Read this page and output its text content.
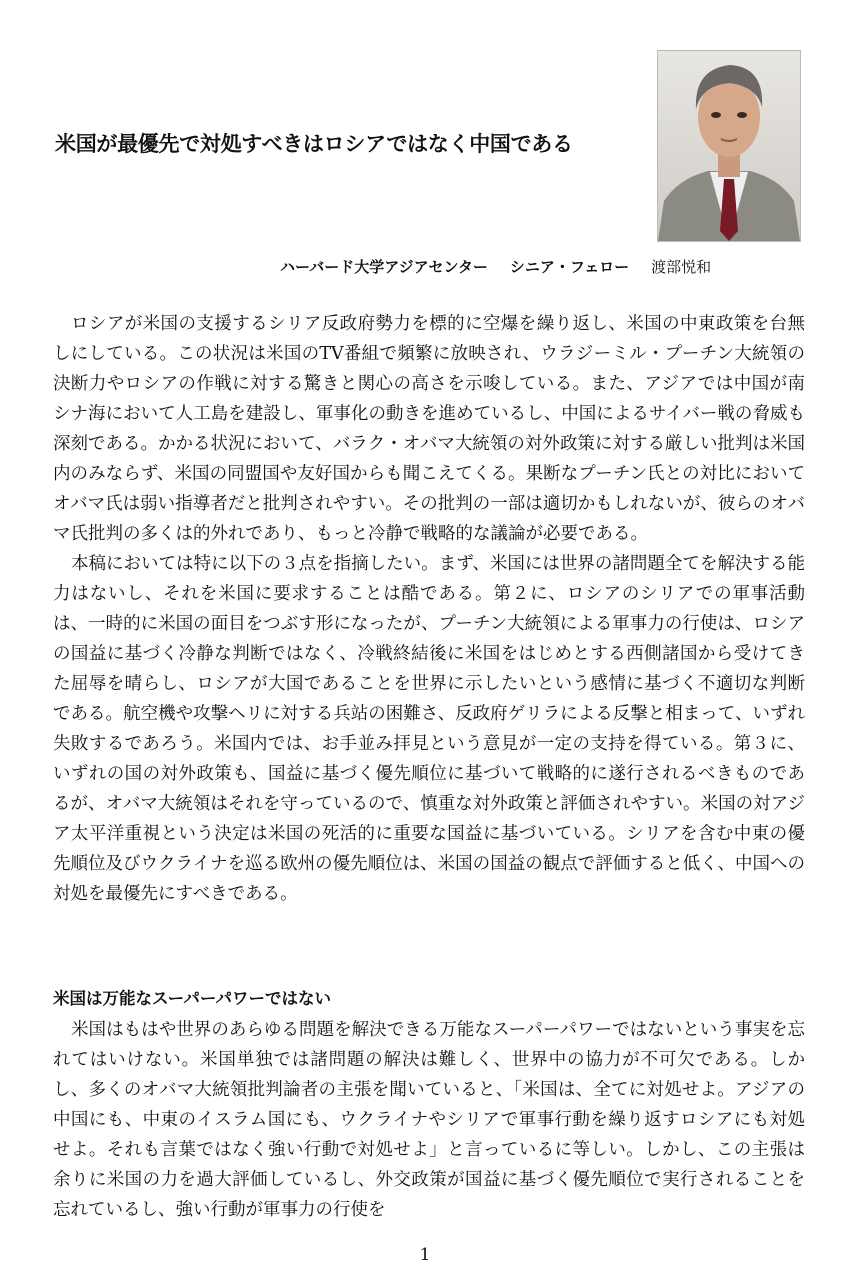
米国が最優先で対処すべきはロシアではなく中国である
ハーバード大学アジアセンター シニア・フェロー 渡部悦和

ロシアが米国の支援するシリア反政府勢力を標的に空爆を繰り返し、米国の中東政策を台無しにしている。この状況は米国のTV番組で頻繁に放映され、ウラジーミル・プーチン大統領の決断力やロシアの作戦に対する驚きと関心の高さを示唆している。また、アジアでは中国が南シナ海において人工島を建設し、軍事化の動きを進めているし、中国によるサイバー戦の脅威も深刻である。かかる状況において、バラク・オバマ大統領の対外政策に対する厳しい批判は米国内のみならず、米国の同盟国や友好国からも聞こえてくる。果断なプーチン氏との対比においてオバマ氏は弱い指導者だと批判されやすい。その批判の一部は適切かもしれないが、彼らのオバマ氏批判の多くは的外れであり、もっと冷静で戦略的な議論が必要である。

本稿においては特に以下の３点を指摘したい。まず、米国には世界の諸問題全てを解決する能力はないし、それを米国に要求することは酷である。第２に、ロシアのシリアでの軍事活動は、一時的に米国の面目をつぶす形になったが、プーチン大統領による軍事力の行使は、ロシアの国益に基づく冷静な判断ではなく、冷戦終結後に米国をはじめとする西側諸国から受けてきた屈辱を晴らし、ロシアが大国であることを世界に示したいという感情に基づく不適切な判断である。航空機や攻撃ヘリに対する兵站の困難さ、反政府ゲリラによる反撃と相まって、いずれ失敗するであろう。米国内では、お手並み拝見という意見が一定の支持を得ている。第３に、いずれの国の対外政策も、国益に基づく優先順位に基づいて戦略的に遂行されるべきものであるが、オバマ大統領はそれを守っているので、慎重な対外政策と評価されやすい。米国の対アジア太平洋重視という決定は米国の死活的に重要な国益に基づいている。シリアを含む中東の優先順位及びウクライナを巡る欧州の優先順位は、米国の国益の観点で評価すると低く、中国への対処を最優先にすべきである。

米国は万能なスーパーパワーではない

米国はもはや世界のあらゆる問題を解決できる万能なスーパーパワーではないという事実を忘れてはいけない。米国単独では諸問題の解決は難しく、世界中の協力が不可欠である。しかし、多くのオバマ大統領批判論者の主張を聞いていると、「米国は、全てに対処せよ。アジアの中国にも、中東のイスラム国にも、ウクライナやシリアで軍事行動を繰り返すロシアにも対処せよ。それも言葉ではなく強い行動で対処せよ」と言っているに等しい。しかし、この主張は余りに米国の力を過大評価しているし、外交政策が国益に基づく優先順位で実行されることを忘れているし、強い行動が軍事力の行使を

1
